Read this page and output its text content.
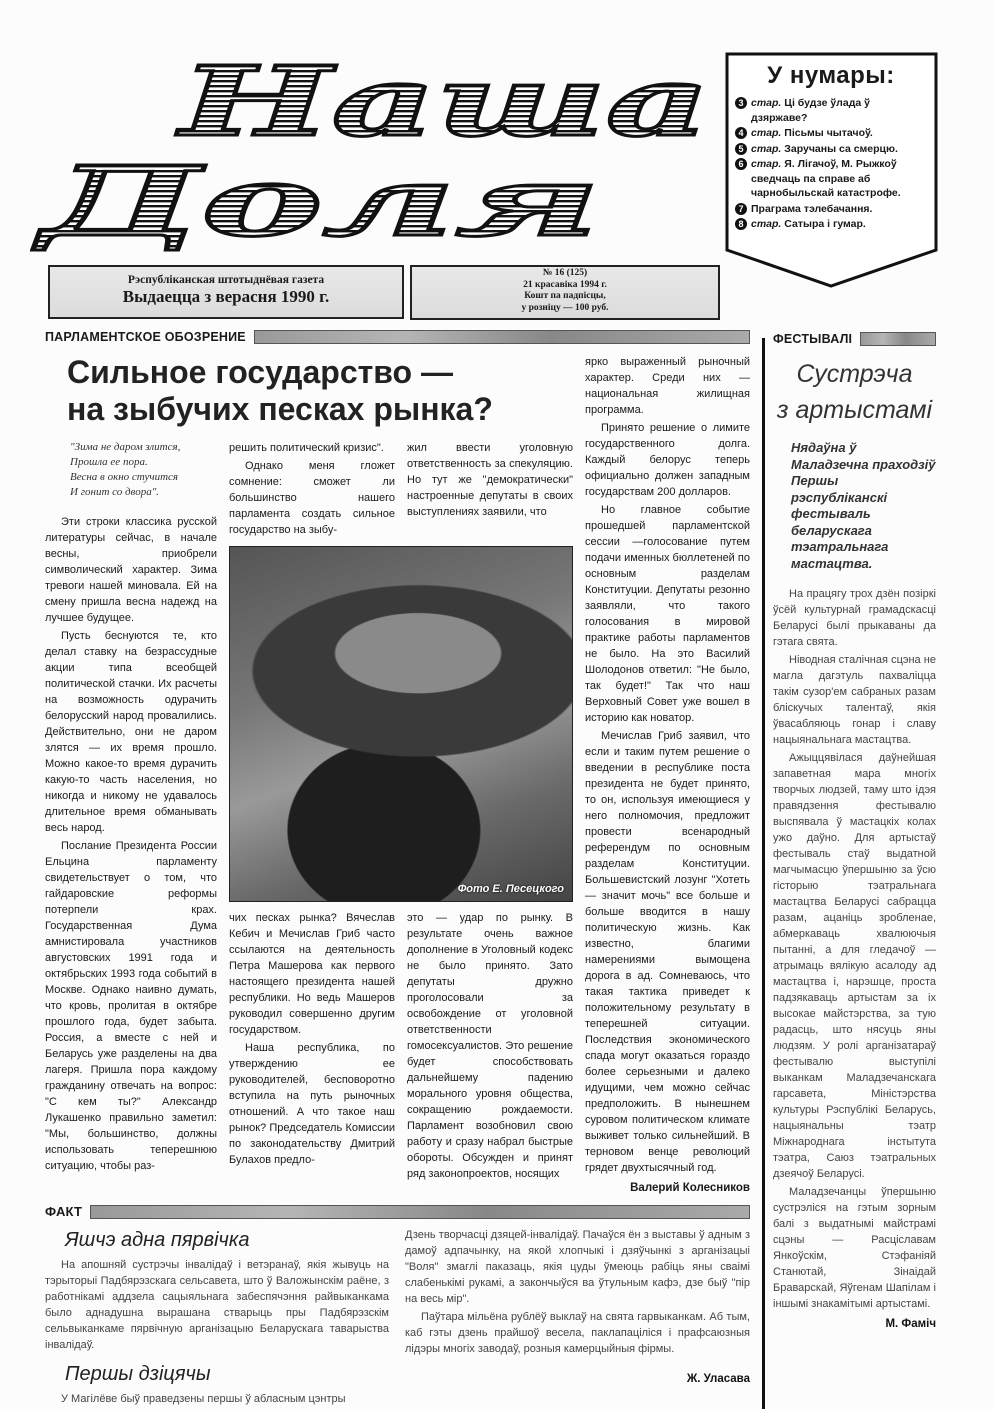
Наша
Доля
У нумары:
3 стар. Ці будзе ўлада ў дзяржаве?
4 стар. Пісьмы чытачоў.
5 стар. Заручаны са смерцю.
6 стар. Я. Лігачоў, М. Рыжкоў сведчаць па справе аб чарнобыльскай катастрофе.
7 Праграма тэлебачання.
8 стар. Сатыра і гумар.
Рэспубліканская штотыднёвая газета
Выдаецца з верасня 1990 г.
№ 16 (125)
21 красавіка 1994 г.
Кошт па падпісцы,
у розніцу — 100 руб.
ПАРЛАМЕНТСКОЕ ОБОЗРЕНИЕ
Сильное государство —
на зыбучих песках рынка?
"Зима не даром злится,
Прошла ее пора.
Весна в окно стучится
И гонит со двора".

Эти строки классика русской литературы сейчас, в начале весны, приобрели символический характер. Зима тревоги нашей миновала. Ей на смену пришла весна надежд на лучшее будущее.

Пусть беснуются те, кто делал ставку на безрассудные акции типа всеобщей политической стачки. Их расчеты на возможность одурачить белорусский народ провалились. Действительно, они не даром злятся — их время прошло. Можно какое-то время дурачить какую-то часть населения, но никогда и никому не удавалось длительное время обманывать весь народ.

Послание Президента России Ельцина парламенту свидетельствует о том, что гайдаровские реформы потерпели крах. Государственная Дума амнистировала участников августовских 1991 года и октябрьских 1993 года событий в Москве. Однако наивно думать, что кровь, пролитая в октябре прошлого года, будет забыта. Россия, а вместе с ней и Беларусь уже разделены на два лагеря. Пришла пора каждому гражданину отвечать на вопрос: "С кем ты?" Александр Лукашенко правильно заметил: "Мы, большинство, должны использовать теперешнюю ситуацию, чтобы раз-

решить политический кризис".

Однако меня гложет сомнение: сможет ли большинство нашего парламента создать сильное государство на зыбу-

жил ввести уголовную ответственность за спекуляцию. Но тут же "демократически" настроенные депутаты в своих выступлениях заявили, что

Фото Е. Песецкого

чих песках рынка? Вячеслав Кебич и Мечислав Гриб часто ссылаются на деятельность Петра Машерова как первого настоящего президента нашей республики. Но ведь Машеров руководил совершенно другим государством.

Наша республика, по утверждению ее руководителей, бесповоротно вступила на путь рыночных отношений. А что такое наш рынок? Председатель Комиссии по законодательству Дмитрий Булахов предло-

это — удар по рынку. В результате очень важное дополнение в Уголовный кодекс не было принято. Зато депутаты дружно проголосовали за освобождение от уголовной ответственности гомосексуалистов. Это решение будет способствовать дальнейшему падению морального уровня общества, сокращению рождаемости. Парламент возобновил свою работу и сразу набрал быстрые обороты. Обсужден и принят ряд законопроектов, носящих

ярко выраженный рыночный характер. Среди них — национальная жилищная программа.

Принято решение о лимите государственного долга. Каждый белорус теперь официально должен западным государствам 200 долларов.

Но главное событие прошедшей парламентской сессии —голосование путем подачи именных бюллетеней по основным разделам Конституции. Депутаты резонно заявляли, что такого голосования в мировой практике работы парламентов не было. На это Василий Шолодонов ответил: "Не было, так будет!" Так что наш Верховный Совет уже вошел в историю как новатор.

Мечислав Гриб заявил, что если и таким путем решение о введении в республике поста президента не будет принято, то он, используя имеющиеся у него полномочия, предложит провести всенародный референдум по основным разделам Конституции. Большевистский лозунг "Хотеть — значит мочь" все больше и больше вводится в нашу политическую жизнь. Как известно, благими намерениями вымощена дорога в ад. Сомневаюсь, что такая тактика приведет к положительному результату в теперешней ситуации. Последствия экономического спада могут оказаться гораздо более серьезными и далеко идущими, чем можно сейчас предположить. В нынешнем суровом политическом климате выживет только сильнейший. В терновом венце революций грядет двухтысячный год.

Валерий Колесников
ФАКТ
Яшчэ адна пярвічка

На апошняй сустрэчы інвалідаў і ветэранаў, якія жывуць на тэрыторыі Падбярэзскага сельсавета, што ў Валожынскім раёне, з работнікамі аддзела сацыяльнага забеспячэння райвыканкама было аднадушна вырашана стварыць пры Падбярэзскім сельвыканкаме пярвічную арганізацыю Беларускага таварыства інвалідаў.

Першы дзіцячы

У Магілёве быў праведзены першы ў абласным цэнтры

Дзень творчасці дзяцей-інвалідаў. Пачаўся ён з выставы ў адным з дамоў адпачынку, на якой хлопчыкі і дзяўчынкі з арганізацыі "Воля" змаглі паказаць, якія цуды ўмеюць рабіць яны сваімі слабенькімі рукамі, а закончыўся ва ўтульным кафэ, дзе быў "пір на весь мір".

Паўтара мільёна рублёў выклаў на свята гарвыканкам. Аб тым, каб гэты дзень прайшоў весела, паклапаціліся і прафсаюзныя лідэры многіх заводаў, розныя камерцыйныя фірмы.

Ж. Уласава
ФЕСТЫВАЛІ
Сустрэча
з артыстамі
Нядаўна ў Маладзечна праходзіў Першы рэспубліканскі фестываль беларускага тэатральнага мастацтва.

На працягу трох дзён позіркі ўсёй культурнай грамадскасці Беларусі былі прыкаваны да гэтага свята.

Ніводная сталічная сцэна не магла дагэтуль пахваліцца такім сузор'ем сабраных разам бліскучых талентаў, якія ўвасабляюць гонар і славу нацыянальнага мастацтва.

Ажыццявілася даўнейшая запаветная мара многіх творчых людзей, таму што ідэя правядзення фестывалю выспявала ў мастацкіх колах ужо даўно. Для артыстаў фестываль стаў выдатной магчымасцю ўпершыню за ўсю гісторыю тэатральнага мастацтва Беларусі сабрацца разам, ацаніць зробленае, абмеркаваць хвалюючыя пытанні, а для гледачоў — атрымаць вялікую асалоду ад мастацтва і, нарэшце, проста падзякаваць артыстам за іх высокае майстэрства, за тую радасць, што нясуць яны людзям. У ролі арганізатараў фестывалю выступілі выканкам Маладзечанскага гарсавета, Міністэрства культуры Рэспублікі Беларусь, нацыянальны тэатр Міжнароднага інстытута тэатра, Саюз тэатральных дзеячоў Беларусі.

Маладзечанцы ўпершыню сустрэліся на гэтым зорным балі з выдатнымі майстрамі сцэны — Расціславам Янкоўскім, Стэфаніяй Станютай, Зінаідай Браварскай, Яўгенам Шапілам і іншымі знакамітымі артыстамі.

М. Фаміч
